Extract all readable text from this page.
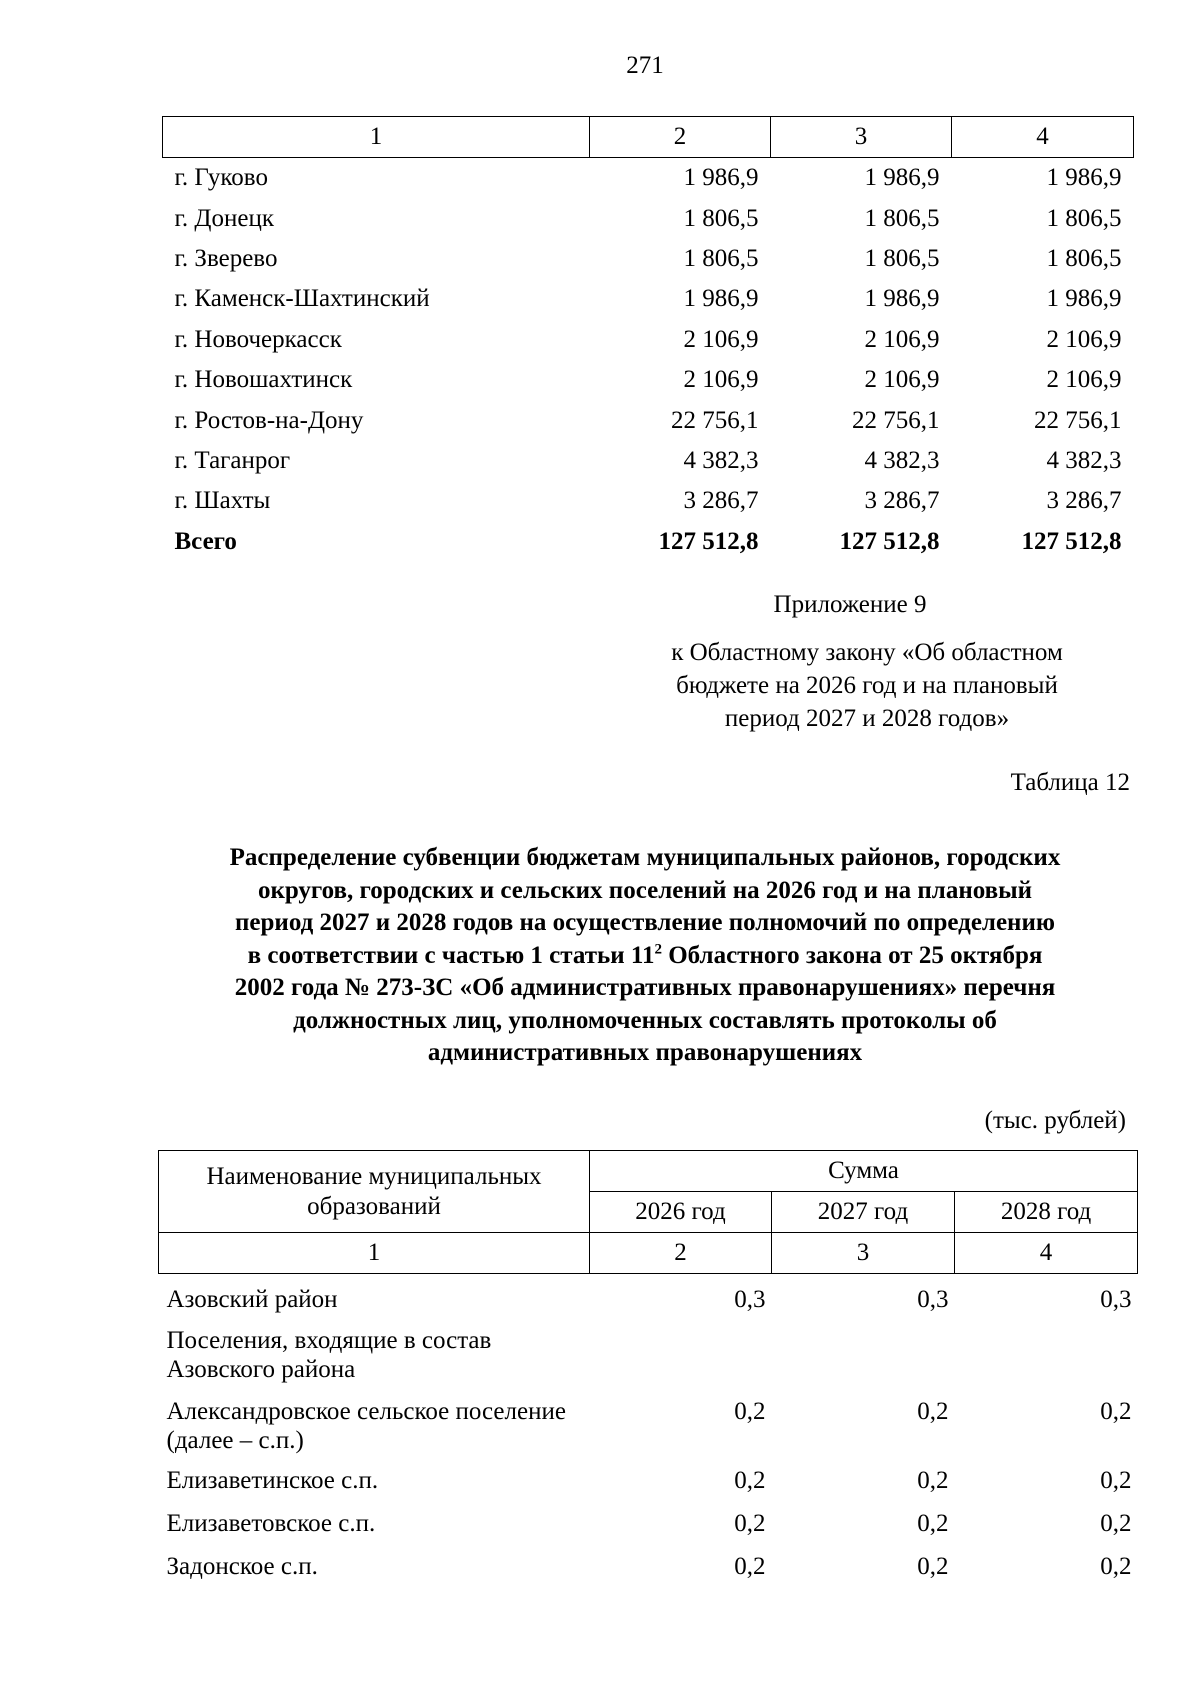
271
1	2	3	4
г. Гуково	1 986,9	1 986,9	1 986,9
г. Донецк	1 806,5	1 806,5	1 806,5
г. Зверево	1 806,5	1 806,5	1 806,5
г. Каменск-Шахтинский	1 986,9	1 986,9	1 986,9
г. Новочеркасск	2 106,9	2 106,9	2 106,9
г. Новошахтинск	2 106,9	2 106,9	2 106,9
г. Ростов-на-Дону	22 756,1	22 756,1	22 756,1
г. Таганрог	4 382,3	4 382,3	4 382,3
г. Шахты	3 286,7	3 286,7	3 286,7
Всего	127 512,8	127 512,8	127 512,8
Приложение 9
к Областному закону «Об областном
бюджете на 2026 год и на плановый
период 2027 и 2028 годов»
Таблица 12
Распределение субвенции бюджетам муниципальных районов, городских
округов, городских и сельских поселений на 2026 год и на плановый
период 2027 и 2028 годов на осуществление полномочий по определению
в соответствии с частью 1 статьи $11^2$ Областного закона от 25 октября
2002 года № 273-ЗС «Об административных правонарушениях» перечня
должностных лиц, уполномоченных составлять протоколы об
административных правонарушениях
(тыс. рублей)
Наименование муниципальных образований	Сумма		
	2026 год	2027 год	2028 год
1	2	3	4
Азовский район	0,3	0,3	0,3
Поселения, входящие в состав Азовского района			
Александровское сельское поселение (далее – с.п.)	0,2	0,2	0,2
Елизаветинское с.п.	0,2	0,2	0,2
Елизаветовское с.п.	0,2	0,2	0,2
Задонское с.п.	0,2	0,2	0,2
